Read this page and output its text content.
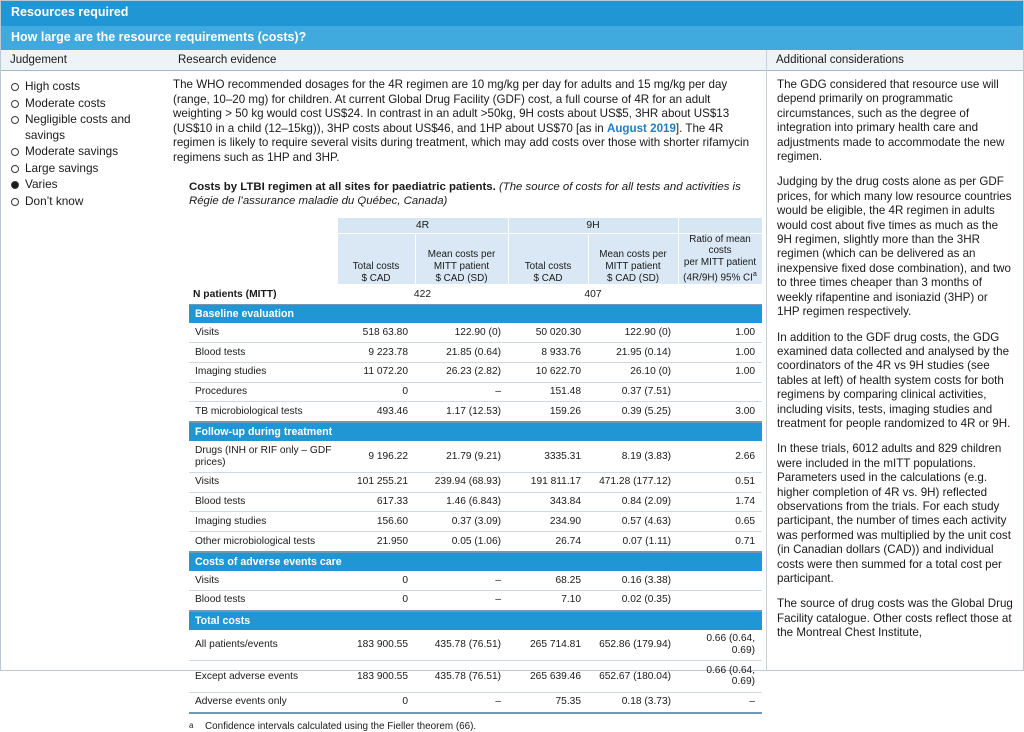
Resources required
How large are the resource requirements (costs)?
Judgement	Research evidence	Additional considerations
High costs
Moderate costs
Negligible costs and savings
Moderate savings
Large savings
Varies
Don’t know

The WHO recommended dosages for the 4R regimen are 10 mg/kg per day for adults and 15 mg/kg per day (range, 10–20 mg) for children. At current Global Drug Facility (GDF) cost, a full course of 4R for an adult weighting > 50 kg would cost US$24. In contrast in an adult >50kg, 9H costs about US$5, 3HR about US$13 (US$10 in a child (12–15kg)), 3HP costs about US$46, and 1HP about US$70 [as in August 2019]. The 4R regimen is likely to require several visits during treatment, which may add costs over those with shorter rifamycin regimens such as 1HP and 3HP.

Costs by LTBI regimen at all sites for paediatric patients. (The source of costs for all tests and activities is Régie de l’assurance maladie du Québec, Canada)

	4R		9H		

Total costs
$ CAD

Mean costs per
MITT patient
$ CAD (SD)

Total costs
$ CAD

Mean costs per
MITT patient
$ CAD (SD)

Ratio of mean costs
per MITT patient
(4R/9H) 95% $CI^a$

N patients (MITT)	422		407		
Baseline evaluation					
Visits	518 63.80	122.90 (0)	50 020.30	122.90 (0)	1.00
Blood tests	9 223.78	21.85 (0.64)	8 933.76	21.95 (0.14)	1.00
Imaging studies	11 072.20	26.23 (2.82)	10 622.70	26.10 (0)	1.00
Procedures	0	–	151.48	0.37 (7.51)	
TB microbiological tests	493.46	1.17 (12.53)	159.26	0.39 (5.25)	3.00
Follow-up during treatment					
Drugs (INH or RIF only – GDF prices)	9 196.22	21.79 (9.21)	3335.31	8.19 (3.83)	2.66
Visits	101 255.21	239.94 (68.93)	191 811.17	471.28 (177.12)	0.51
Blood tests	617.33	1.46 (6.843)	343.84	0.84 (2.09)	1.74
Imaging studies	156.60	0.37 (3.09)	234.90	0.57 (4.63)	0.65
Other microbiological tests	21.950	0.05 (1.06)	26.74	0.07 (1.11)	0.71
Costs of adverse events care					
Visits	0	–	68.25	0.16 (3.38)	
Blood tests	0	–	7.10	0.02 (0.35)	
Total costs					
All patients/events	183 900.55	435.78 (76.51)	265 714.81	652.86 (179.94)	0.66 (0.64, 0.69)
Except adverse events	183 900.55	435.78 (76.51)	265 639.46	652.67 (180.04)	0.66 (0.64, 0.69)
Adverse events only	0	–	75.35	0.18 (3.73)	–
a	Confidence intervals calculated using the Fieller theorem (66).

The GDG considered that resource use will depend primarily on programmatic circumstances, such as the degree of integration into primary health care and adjustments made to accommodate the new regimen.

Judging by the drug costs alone as per GDF prices, for which many low resource countries would be eligible, the 4R regimen in adults would cost about five times as much as the 9H regimen, slightly more than the 3HR regimen (which can be delivered as an inexpensive fixed dose combination), and two to three times cheaper than 3 months of weekly rifapentine and isoniazid (3HP) or 1HP regimen respectively.

In addition to the GDF drug costs, the GDG examined data collected and analysed by the coordinators of the 4R vs 9H studies (see tables at left) of health system costs for both regimens by comparing clinical activities, including visits, tests, imaging studies and treatment for people randomized to 4R or 9H.

In these trials, 6012 adults and 829 children were included in the mITT populations. Parameters used in the calculations (e.g. higher completion of 4R vs. 9H) reflected observations from the trials. For each study participant, the number of times each activity was performed was multiplied by the unit cost (in Canadian dollars (CAD)) and individual costs were then summed for a total cost per participant.

The source of drug costs was the Global Drug Facility catalogue. Other costs reflect those at the Montreal Chest Institute,
